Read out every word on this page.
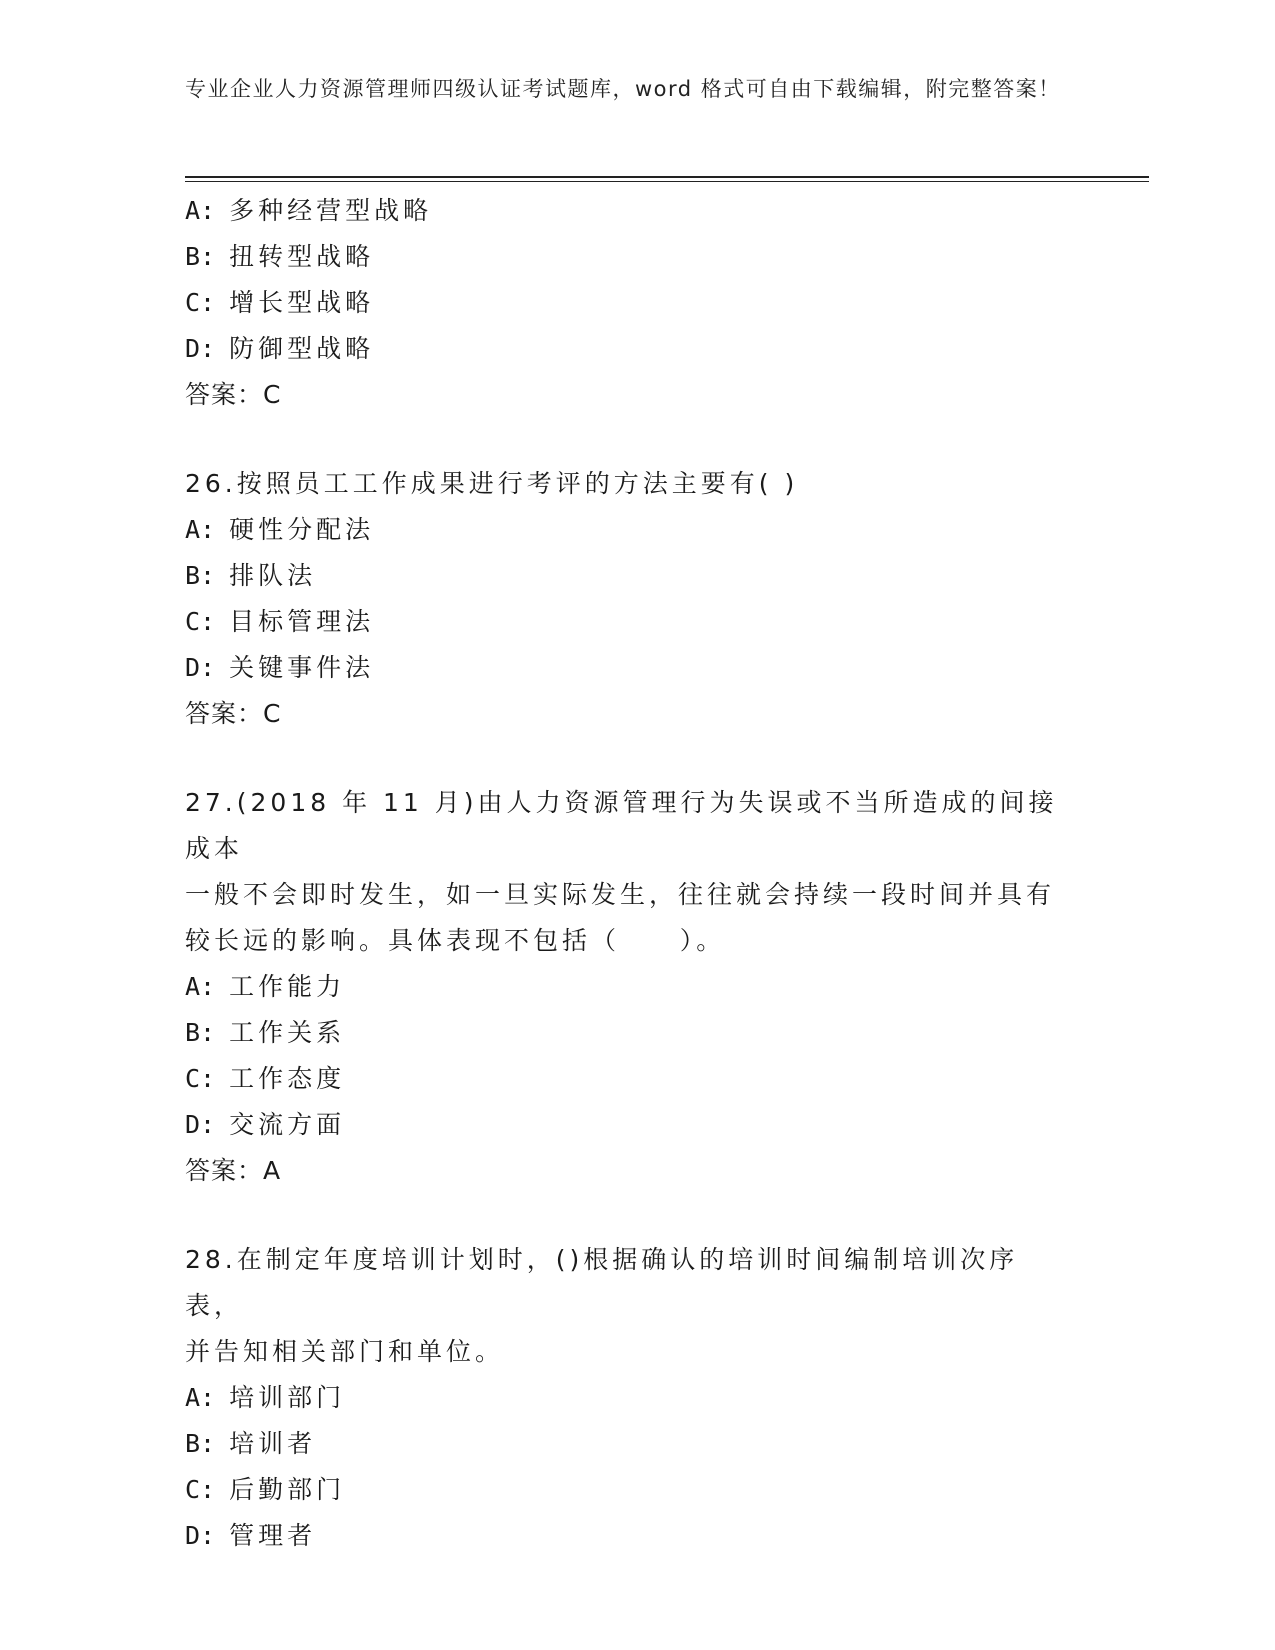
专业企业人力资源管理师四级认证考试题库，word 格式可自由下载编辑，附完整答案！
A: 多种经营型战略
B: 扭转型战略
C: 增长型战略
D: 防御型战略
答案：C
26.按照员工工作成果进行考评的方法主要有( )
A: 硬性分配法
B: 排队法
C: 目标管理法
D: 关键事件法
答案：C
27.(2018 年 11 月)由人力资源管理行为失误或不当所造成的间接成本
一般不会即时发生，如一旦实际发生，往往就会持续一段时间并具有
较长远的影响。具体表现不包括（     ）。
A: 工作能力
B: 工作关系
C: 工作态度
D: 交流方面
答案：A
28.在制定年度培训计划时，()根据确认的培训时间编制培训次序表，
并告知相关部门和单位。
A: 培训部门
B: 培训者
C: 后勤部门
D: 管理者
